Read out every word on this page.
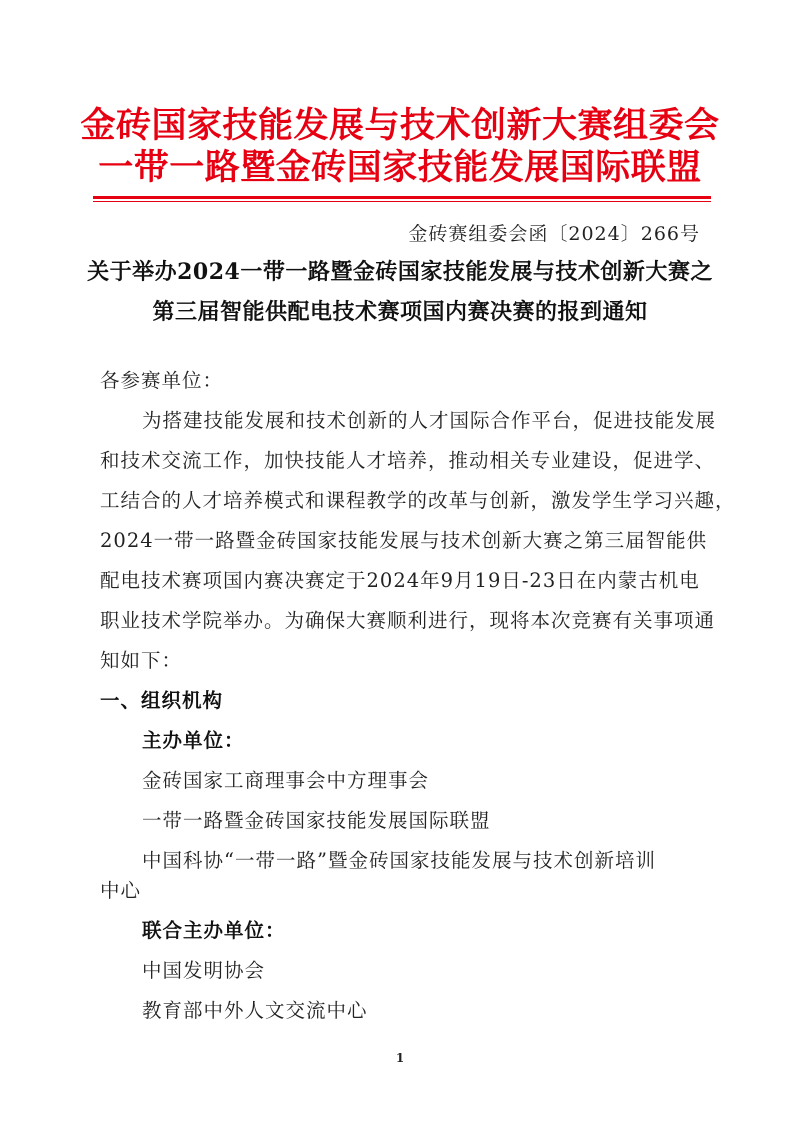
金砖国家技能发展与技术创新大赛组委会
一带一路暨金砖国家技能发展国际联盟
金砖赛组委会函〔2024〕266号
关于举办2024一带一路暨金砖国家技能发展与技术创新大赛之
第三届智能供配电技术赛项国内赛决赛的报到通知
各参赛单位：
为搭建技能发展和技术创新的人才国际合作平台，促进技能发展
和技术交流工作，加快技能人才培养，推动相关专业建设，促进学、
工结合的人才培养模式和课程教学的改革与创新，激发学生学习兴趣，
2024一带一路暨金砖国家技能发展与技术创新大赛之第三届智能供
配电技术赛项国内赛决赛定于2024年9月19日-23日在内蒙古机电
职业技术学院举办。为确保大赛顺利进行，现将本次竞赛有关事项通
知如下：
一、组织机构
主办单位：
金砖国家工商理事会中方理事会
一带一路暨金砖国家技能发展国际联盟
中国科协“一带一路”暨金砖国家技能发展与技术创新培训
中心
联合主办单位：
中国发明协会
教育部中外人文交流中心
1
